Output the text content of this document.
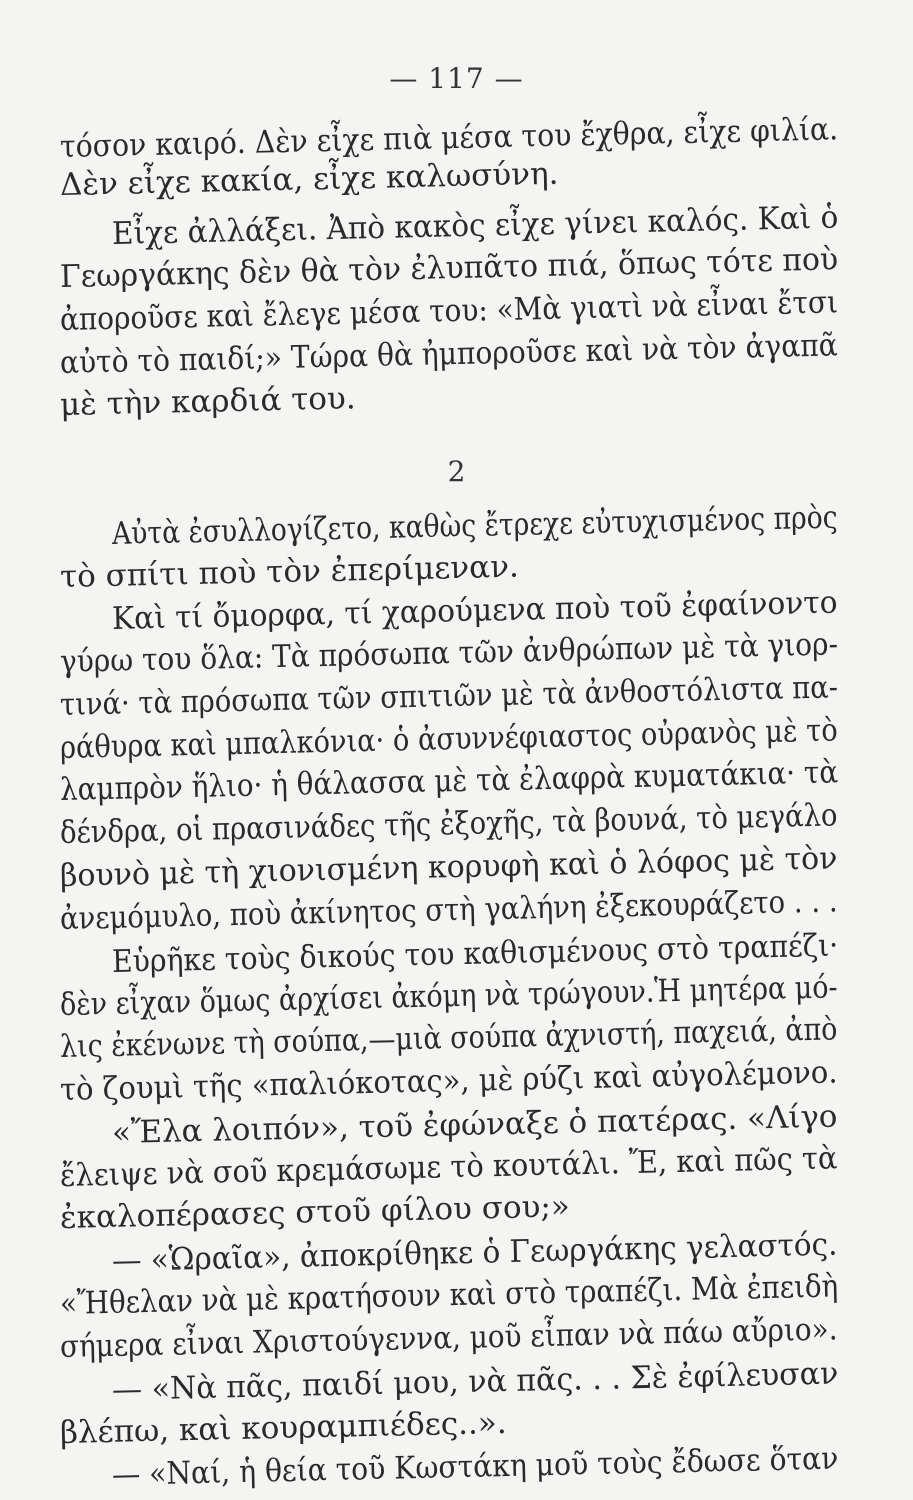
— 117 —
τόσον καιρό. Δὲν εἶχε πιὰ μέσα του ἔχθρα, εἶχε φιλία.
Δὲν εἶχε κακία, εἶχε καλωσύνη.
Εἶχε ἀλλάξει. Ἀπὸ κακὸς εἶχε γίνει καλός. Καὶ ὁ
Γεωργάκης δὲν θὰ τὸν ἐλυπᾶτο πιά, ὅπως τότε ποὺ
ἀποροῦσε καὶ ἔλεγε μέσα του: «Μὰ γιατὶ νὰ εἶναι ἔτσι
αὐτὸ τὸ παιδί;» Τώρα θὰ ἠμποροῦσε καὶ νὰ τὸν ἀγαπᾶ
μὲ τὴν καρδιά του.
2
Αὐτὰ ἐσυλλογίζετο, καθὼς ἔτρεχε εὐτυχισμένος πρὸς
τὸ σπίτι ποὺ τὸν ἐπερίμεναν.
Καὶ τί ὄμορφα, τί χαρούμενα ποὺ τοῦ ἐφαίνοντο
γύρω του ὅλα: Τὰ πρόσωπα τῶν ἀνθρώπων μὲ τὰ γιορ-
τινά· τὰ πρόσωπα τῶν σπιτιῶν μὲ τὰ ἀνθοστόλιστα πα-
ράθυρα καὶ μπαλκόνια· ὁ ἀσυννέφιαστος οὐρανὸς μὲ τὸ
λαμπρὸν ἥλιο· ἡ θάλασσα μὲ τὰ ἐλαφρὰ κυματάκια· τὰ
δένδρα, οἱ πρασινάδες τῆς ἐξοχῆς, τὰ βουνά, τὸ μεγάλο
βουνὸ μὲ τὴ χιονισμένη κορυφὴ καὶ ὁ λόφος μὲ τὸν
ἀνεμόμυλο, ποὺ ἀκίνητος στὴ γαλήνη ἐξεκουράζετο . . .
Εὑρῆκε τοὺς δικούς του καθισμένους στὸ τραπέζι·
δὲν εἶχαν ὅμως ἀρχίσει ἀκόμη νὰ τρώγουν.Ἡ μητέρα μό-
λις ἐκένωνε τὴ σούπα,—μιὰ σούπα ἀχνιστή, παχειά, ἀπὸ
τὸ ζουμὶ τῆς «παλιόκοτας», μὲ ρύζι καὶ αὐγολέμονο.
«Ἔλα λοιπόν», τοῦ ἐφώναξε ὁ πατέρας. «Λίγο
ἔλειψε νὰ σοῦ κρεμάσωμε τὸ κουτάλι. Ἔ, καὶ πῶς τὰ
ἐκαλοπέρασες στοῦ φίλου σου;»
— «Ὡραῖα», ἀποκρίθηκε ὁ Γεωργάκης γελαστός.
«Ἤθελαν νὰ μὲ κρατήσουν καὶ στὸ τραπέζι. Μὰ ἐπειδὴ
σήμερα εἶναι Χριστούγεννα, μοῦ εἶπαν νὰ πάω αὔριο».
— «Νὰ πᾶς, παιδί μου, νὰ πᾶς. . . Σὲ ἐφίλευσαν
βλέπω, καὶ κουραμπιέδες..».
— «Ναί, ἡ θεία τοῦ Κωστάκη μοῦ τοὺς ἔδωσε ὅταν
